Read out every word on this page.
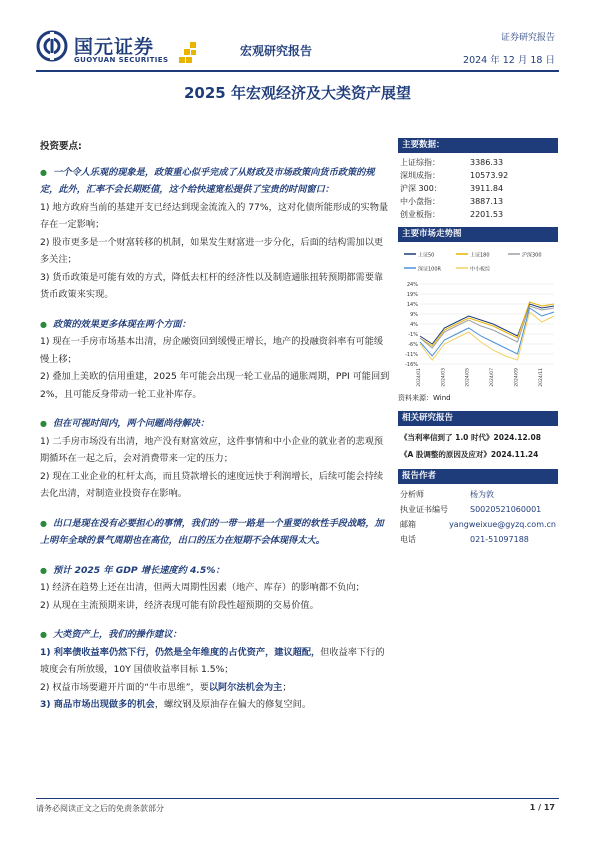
国元证券
GUOYUAN SECURITIES
宏观研究报告
证券研究报告
2024 年 12 月 18 日
2025 年宏观经济及大类资产展望
投资要点:

● 一个令人乐观的现象是，政策重心似乎完成了从财政及市场政策向货币政策的规定，此外，汇率不会长期贬值，这个给快速宽松提供了宝贵的时间窗口：

1) 地方政府当前的基建开支已经达到现金流流入的 77%，这对化债所能形成的实物量存在一定影响；

2) 股市更多是一个财富转移的机制，如果发生财富进一步分化，后面的结构需加以更多关注；

3) 货币政策是可能有效的方式，降低去杠杆的经济性以及制造通胀扭转预期都需要靠货币政策来实现。

● 政策的效果更多体现在两个方面：

1) 现在一手房市场基本出清，房企融资回到缓慢正增长，地产的投融资斜率有可能缓慢上移；

2) 叠加上美欧的信用重建，2025 年可能会出现一轮工业品的通胀周期，PPI 可能回到 2%，且可能反身带动一轮工业补库存。

● 但在可视时间内，两个问题尚待解决：

1) 二手房市场没有出清，地产没有财富效应，这件事情和中小企业的就业者的悲观预期循环在一起之后，会对消费带来一定的压力；

2) 现在工业企业的杠杆太高，而且贷款增长的速度远快于利润增长，后续可能会持续去化出清，对制造业投资存在影响。

● 出口是现在没有必要担心的事情，我们的一带一路是一个重要的软性手段战略，加上明年全球的景气周期也在高位，出口的压力在短期不会体现得太大。

● 预计 2025 年 GDP 增长速度约 4.5%：

1) 经济在趋势上还在出清，但两大周期性因素（地产、库存）的影响都不负向；

2) 从现在主流预期来讲，经济表现可能有阶段性超预期的交易价值。

● 大类资产上，我们的操作建议：

1) 利率债收益率仍然下行，仍然是全年维度的占优资产，建议超配，但收益率下行的坡度会有所放缓，10Y 国债收益率目标 1.5%；

2) 权益市场要避开片面的“牛市思维”，要以阿尔法机会为主；

3) 商品市场出现做多的机会，螺纹钢及原油存在偏大的修复空间。

主要数据：
上证综指：	3386.33
深圳成指：	10573.92
沪深 300：	3911.84
中小盘指：	3887.13
创业板指：	2201.53
主要市场走势图
上证50	上证180	沪深300
深证100R	中小板综
24%
19%
14%
9%
4%
-1%
-6%
-11%
-16%
2024/01	2024/03	2024/05	2024/07	2024/09	2024/11
资料来源：Wind
相关研究报告
《当利率信到了 1.0 时代》2024.12.08
《A 股调整的原因及应对》2024.11.24
报告作者
分析师	杨为敦
执业证书编号	S0020521060001
邮箱	yangweixue@gyzq.com.cn
电话	021-51097188
请务必阅读正文之后的免责条款部分	1 / 17
